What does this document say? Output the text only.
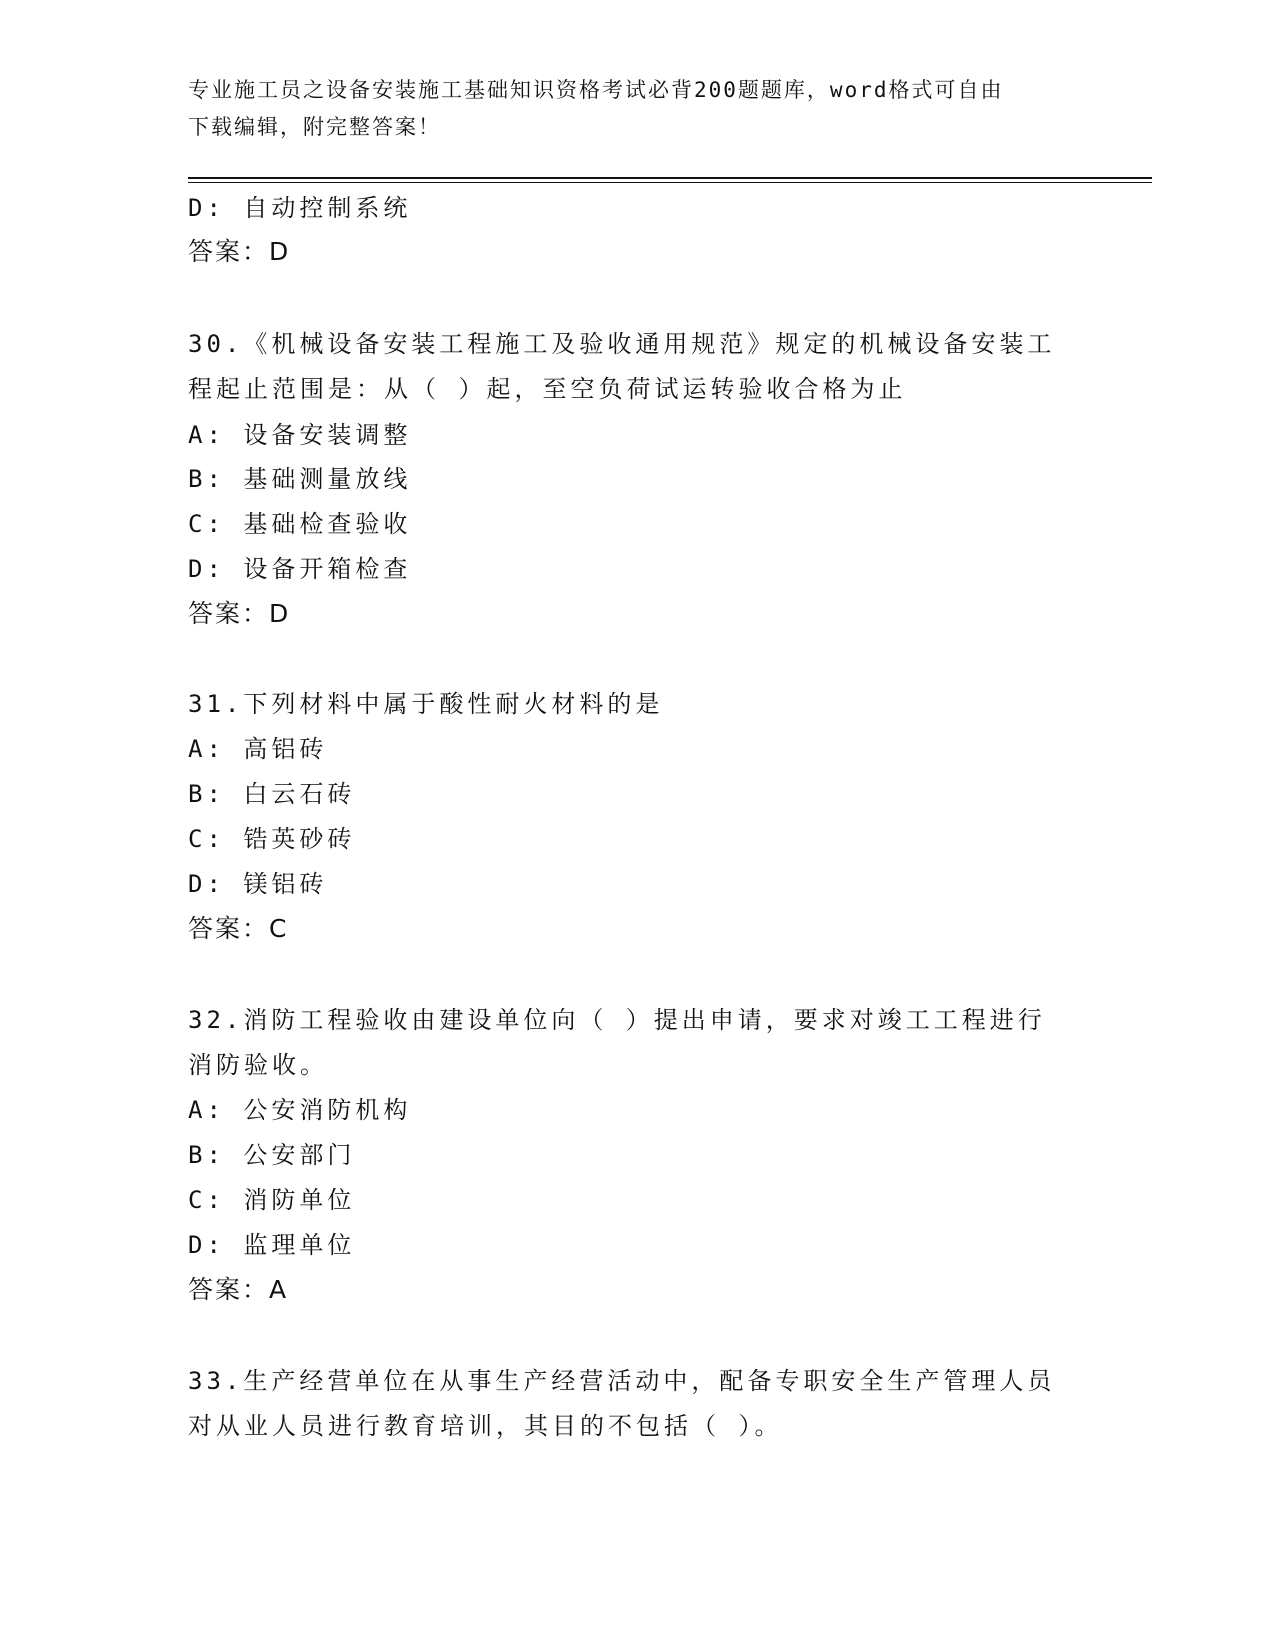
专业施工员之设备安装施工基础知识资格考试必背200题题库，word格式可自由
下载编辑，附完整答案！
D: 自动控制系统
答案：D
30.《机械设备安装工程施工及验收通用规范》规定的机械设备安装工
程起止范围是：从（ ）起，至空负荷试运转验收合格为止
A: 设备安装调整
B: 基础测量放线
C: 基础检查验收
D: 设备开箱检查
答案：D
31.下列材料中属于酸性耐火材料的是
A: 高铝砖
B: 白云石砖
C: 锆英砂砖
D: 镁铝砖
答案：C
32.消防工程验收由建设单位向（ ）提出申请，要求对竣工工程进行
消防验收。
A: 公安消防机构
B: 公安部门
C: 消防单位
D: 监理单位
答案：A
33.生产经营单位在从事生产经营活动中，配备专职安全生产管理人员
对从业人员进行教育培训，其目的不包括（ ）。
